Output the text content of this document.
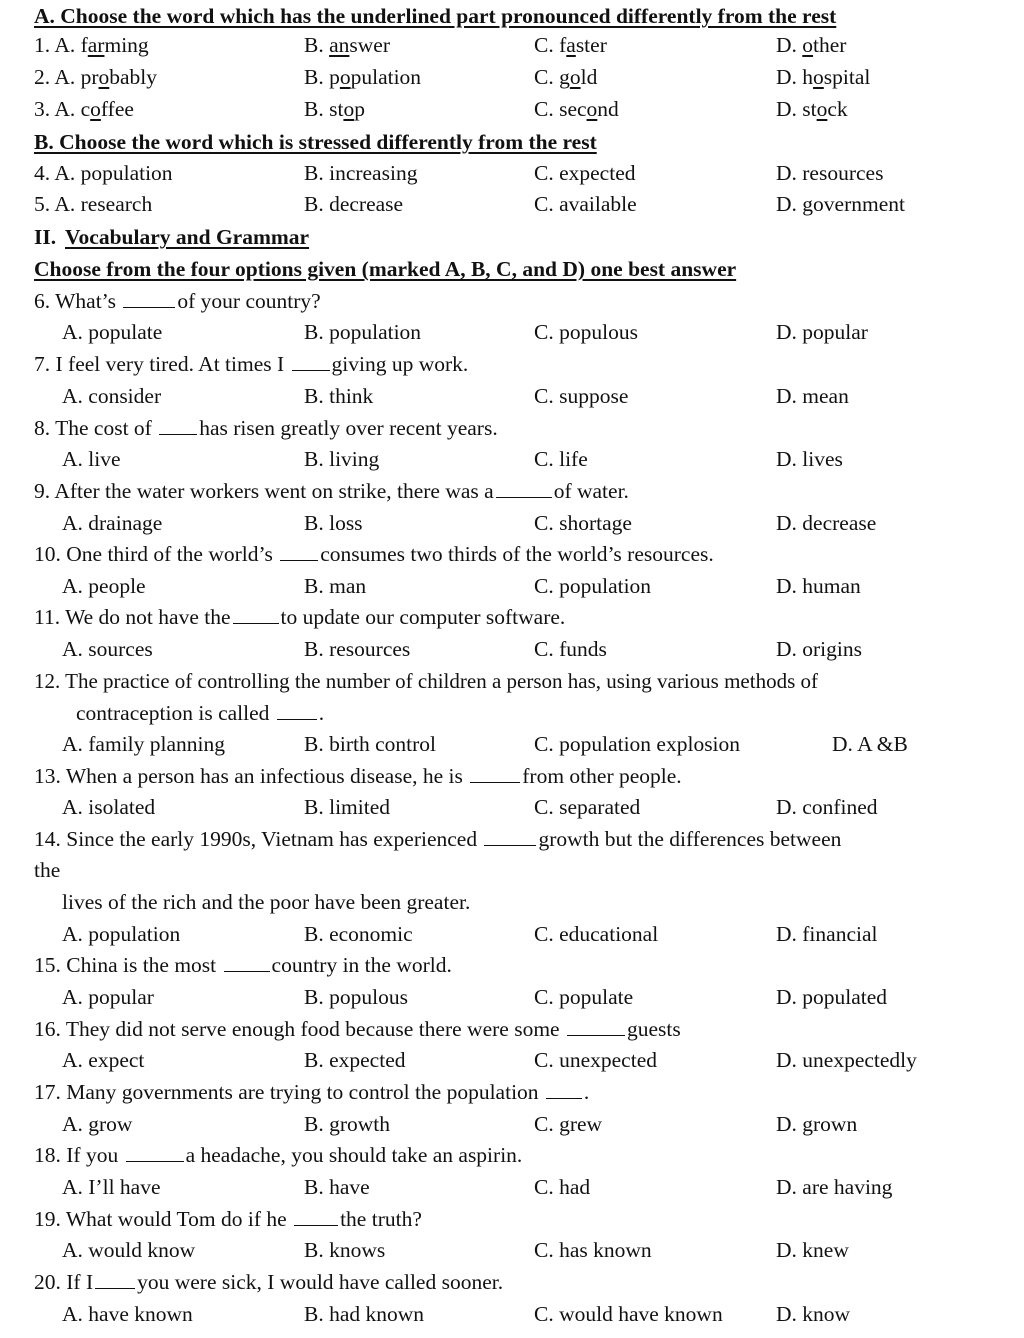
A. Choose the word which has the underlined part pronounced differently from the rest
1. A. farming	B. answer	C. faster	D. other
2. A. probably	B. population	C. gold	D. hospital
3. A. coffee	B. stop	C. second	D. stock
B. Choose the word which is stressed differently from the rest
4. A. population	B. increasing	C. expected	D. resources
5. A. research	B. decrease	C. available	D. government
II. Vocabulary and Grammar
Choose from the four options given (marked A, B, C, and D) one best answer
6. What’s	of your country?
A. populate	B. population	C. populous	D. popular
7. I feel very tired. At times I giving up work.
A. consider	B. think	C. suppose	D. mean
8. The cost of has risen greatly over recent years.
A. live	B. living	C. life	D. lives
9. After the water workers went on strike, there was a	of water.
A. drainage	B. loss	C. shortage	D. decrease
10. One third of the world’s consumes two thirds of the world’s resources.
A. people	B. man	C. population	D. human
11. We do not have the to update our computer software.
A. sources	B. resources	C. funds	D. origins
12. The practice of controlling the number of children a person has, using various methods of
contraception is called .
A. family planning	B. birth control	C. population explosion	D. A &B
13. When a person has an infectious disease, he is	from other people.
A. isolated	B. limited	C. separated	D. confined
14. Since the early 1990s, Vietnam has experienced	growth but the differences between
the
lives of the rich and the poor have been greater.
A. population	B. economic	C. educational	D. financial
15. China is the most	country in the world.
A. popular	B. populous	C. populate	D. populated
16. They did not serve enough food because there were some	guests
A. expect	B. expected	C. unexpected	D. unexpectedly
17. Many governments are trying to control the population .
A. grow	B. growth	C. grew	D. grown
18. If you	a headache, you should take an aspirin.
A. I’ll have	B. have	C. had	D. are having
19. What would Tom do if he the truth?
A. would know	B. knows	C. has known	D. knew
20. If I you were sick, I would have called sooner.
A. have known	B. had known	C. would have known D. know
